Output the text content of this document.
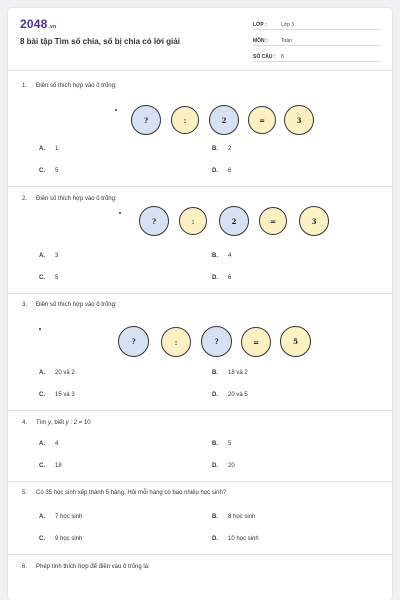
2048.vn
8 bài tập Tìm số chia, số bị chia có lời giải
LỚP :	Lớp 3
MÔN :	Toán
SỐ CÂU : 8
1. Điền số thích hợp vào ô trống:
?	:	2	=	3
A. 1	B. 2
C. 5	D. 6
2. Điền số thích hợp vào ô trống:
?	:	2	=	3
A. 3	B. 4
C. 5	D. 6
3. Điền số thích hợp vào ô trống:
?	:	?	=	5
A. 20 và 2	B. 18 và 2
C. 15 và 3	D. 20 và 5
4. Tìm y, biết y : 2 = 10
A. 4	B. 5
C. 18	D. 20
5. Có 35 học sinh xếp thành 5 hàng. Hỏi mỗi hàng có bao nhiêu học sinh?
A. 7 học sinh	B. 8 học sinh
C. 9 học sinh	D. 10 học sinh
6. Phép tính thích hợp để điền vào ô trống là:
